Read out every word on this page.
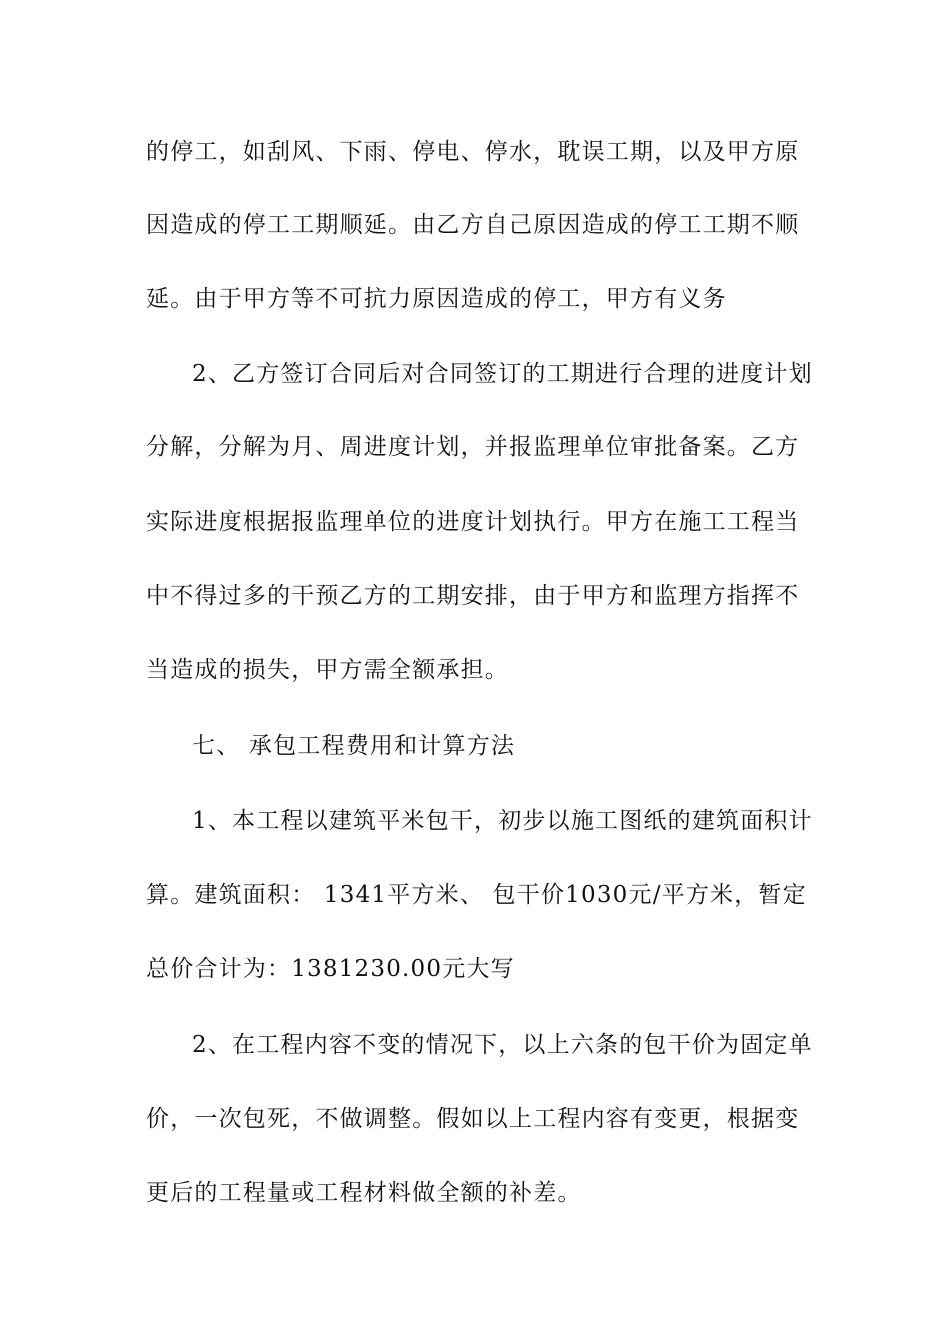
的停工，如刮风、下雨、停电、停水，耽误工期，以及甲方原
因造成的停工工期顺延。由乙方自己原因造成的停工工期不顺
延。由于甲方等不可抗力原因造成的停工，甲方有义务
2、乙方签订合同后对合同签订的工期进行合理的进度计划
分解，分解为月、周进度计划，并报监理单位审批备案。乙方
实际进度根据报监理单位的进度计划执行。甲方在施工工程当
中不得过多的干预乙方的工期安排，由于甲方和监理方指挥不
当造成的损失，甲方需全额承担。
七、 承包工程费用和计算方法
1、本工程以建筑平米包干，初步以施工图纸的建筑面积计
算。建筑面积： 1341平方米、 包干价1030元/平方米，暂定
总价合计为：1381230.00元大写
2、在工程内容不变的情况下，以上六条的包干价为固定单
价，一次包死，不做调整。假如以上工程内容有变更，根据变
更后的工程量或工程材料做全额的补差。
